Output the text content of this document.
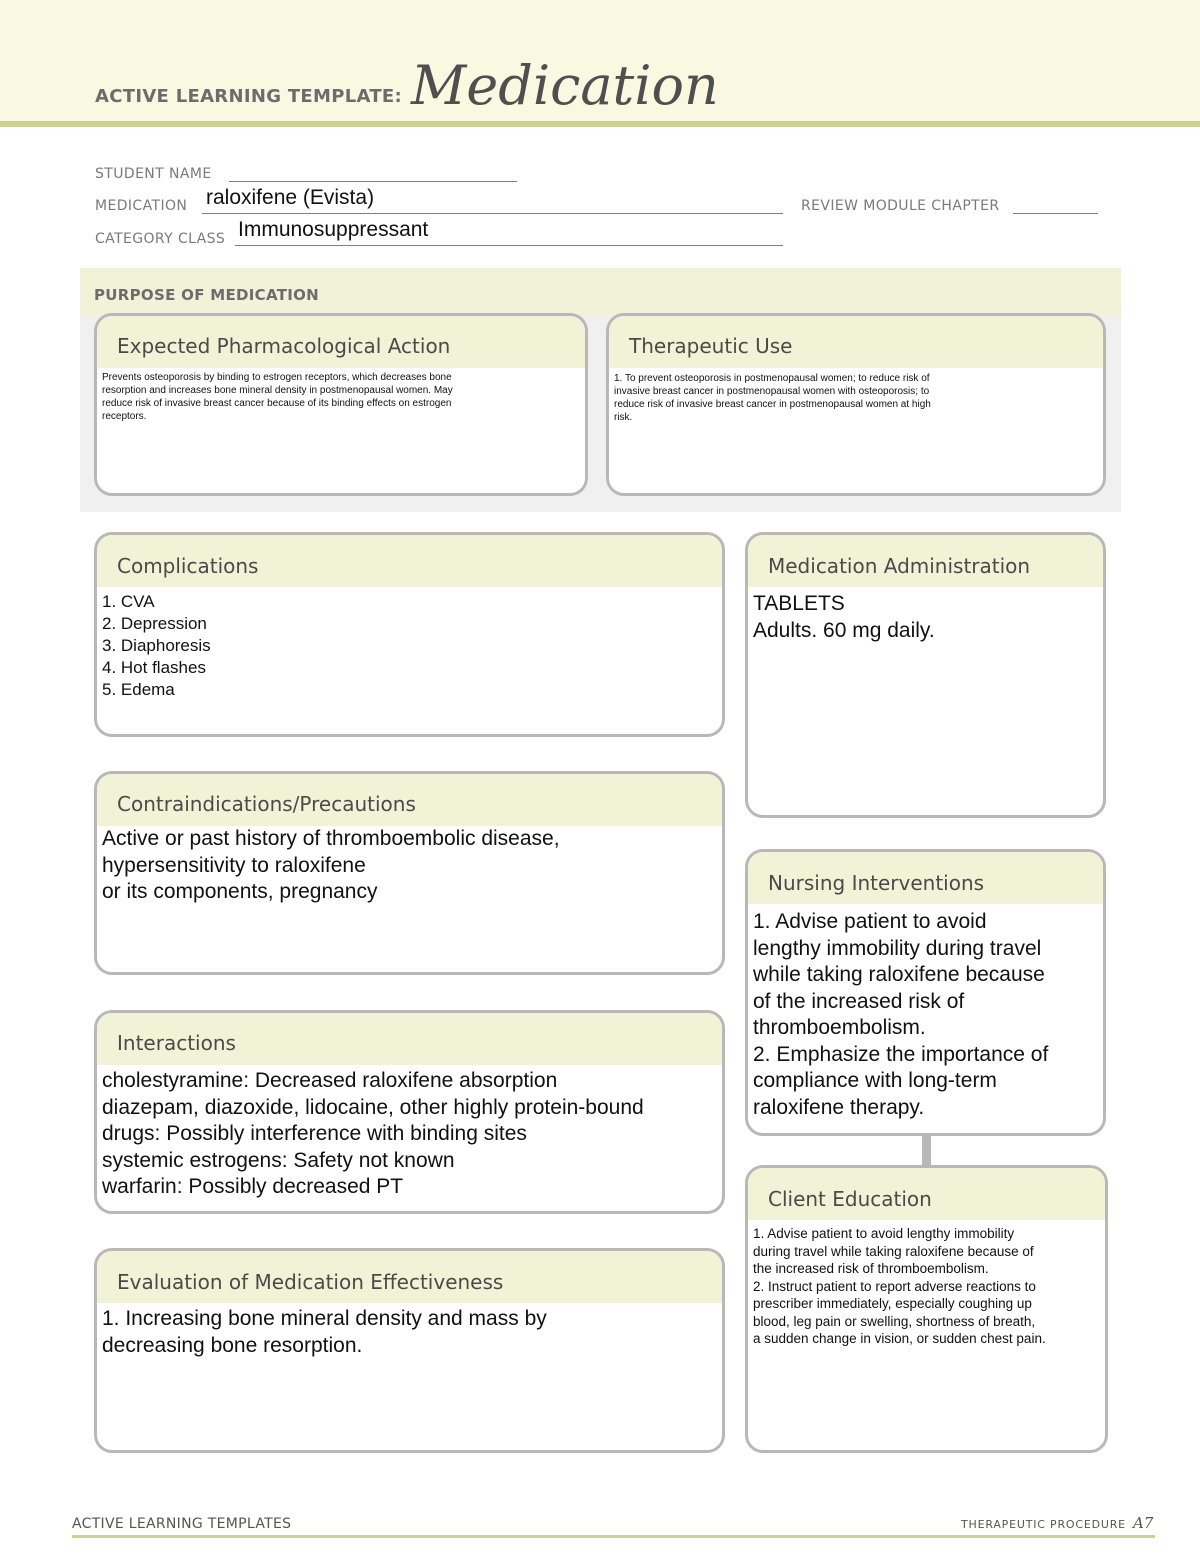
ACTIVE LEARNING TEMPLATE: Medication
STUDENT NAME
MEDICATION raloxifene (Evista)	REVIEW MODULE CHAPTER
CATEGORY CLASS Immunosuppressant
PURPOSE OF MEDICATION
Expected Pharmacological Action
Prevents osteoporosis by binding to estrogen receptors, which decreases bone
resorption and increases bone mineral density in postmenopausal women. May
reduce risk of invasive breast cancer because of its binding effects on estrogen
receptors.
Therapeutic Use
1. To prevent osteoporosis in postmenopausal women; to reduce risk of
invasive breast cancer in postmenopausal women with osteoporosis; to
reduce risk of invasive breast cancer in postmenopausal women at high
risk.
Complications
1. CVA
2. Depression
3. Diaphoresis
4. Hot flashes
5. Edema
Contraindications/Precautions
Active or past history of thromboembolic disease,
hypersensitivity to raloxifene
or its components, pregnancy
Interactions
cholestyramine: Decreased raloxifene absorption
diazepam, diazoxide, lidocaine, other highly protein-bound
drugs: Possibly interference with binding sites
systemic estrogens: Safety not known
warfarin: Possibly decreased PT
Evaluation of Medication Effectiveness
1. Increasing bone mineral density and mass by
decreasing bone resorption.
Medication Administration
TABLETS
Adults. 60 mg daily.
Nursing Interventions
1. Advise patient to avoid
lengthy immobility during travel
while taking raloxifene because
of the increased risk of
thromboembolism.
2. Emphasize the importance of
compliance with long-term
raloxifene therapy.
Client Education
1. Advise patient to avoid lengthy immobility
during travel while taking raloxifene because of
the increased risk of thromboembolism.
2. Instruct patient to report adverse reactions to
prescriber immediately, especially coughing up
blood, leg pain or swelling, shortness of breath,
a sudden change in vision, or sudden chest pain.
ACTIVE LEARNING TEMPLATES	THERAPEUTIC PROCEDURE A7
